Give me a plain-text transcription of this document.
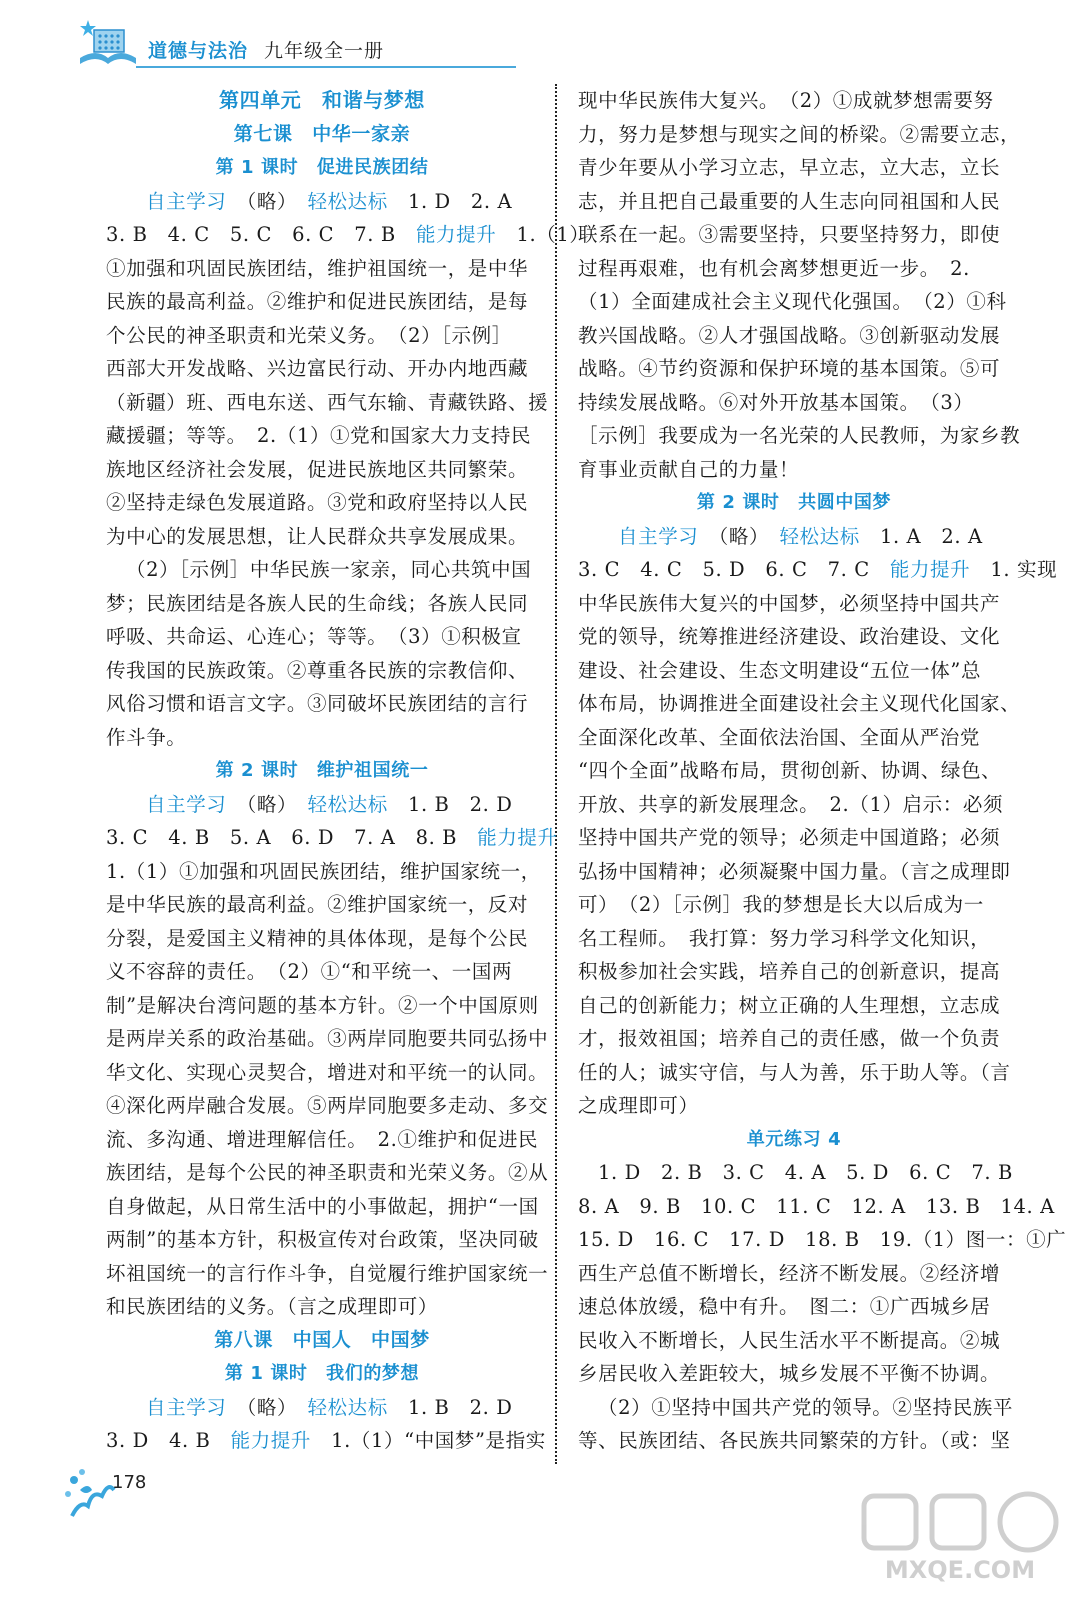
道德与法治 九年级全一册
第四单元　和谐与梦想
第七课　中华一家亲
第 1 课时　促进民族团结
自主学习　 （略）　 轻松达标　 1. D　2. A
3. B　4. C　5. C　6. C　7. B　 能力提升　 1.（1）
①加强和巩固民族团结，维护祖国统一，是中华
民族的最高利益。②维护和促进民族团结，是每
个公民的神圣职责和光荣义务。　（2）［示例］
西部大开发战略、兴边富民行动、开办内地西藏
（新疆）班、西电东送、西气东输、青藏铁路、援
藏援疆；等等。　2.（1）①党和国家大力支持民
族地区经济社会发展，促进民族地区共同繁荣。
②坚持走绿色发展道路。③党和政府坚持以人民
为中心的发展思想，让人民群众共享发展成果。
（2）［示例］中华民族一家亲，同心共筑中国
梦；民族团结是各族人民的生命线；各族人民同
呼吸、共命运、心连心；等等。　（3）①积极宣
传我国的民族政策。②尊重各民族的宗教信仰、
风俗习惯和语言文字。③同破坏民族团结的言行
作斗争。
第 2 课时　维护祖国统一
自主学习　 （略）　 轻松达标　 1. B　2. D
3. C　4. B　5. A　6. D　7. A　8. B　 能力提升
1.（1）①加强和巩固民族团结，维护国家统一，
是中华民族的最高利益。②维护国家统一，反对
分裂，是爱国主义精神的具体体现，是每个公民
义不容辞的责任。　（2）①“和平统一、一国两
制”是解决台湾问题的基本方针。②一个中国原则
是两岸关系的政治基础。③两岸同胞要共同弘扬中
华文化、实现心灵契合，增进对和平统一的认同。
④深化两岸融合发展。⑤两岸同胞要多走动、多交
流、多沟通、增进理解信任。　2.①维护和促进民
族团结，是每个公民的神圣职责和光荣义务。②从
自身做起，从日常生活中的小事做起，拥护“一国
两制”的基本方针，积极宣传对台政策，坚决同破
坏祖国统一的言行作斗争，自觉履行维护国家统一
和民族团结的义务。（言之成理即可）
第八课　中国人　中国梦
第 1 课时　我们的梦想
自主学习　 （略）　 轻松达标　 1. B　2. D
3. D　4. B　 能力提升　 1.（1）“中国梦”是指实
现中华民族伟大复兴。　（2）①成就梦想需要努
力，努力是梦想与现实之间的桥梁。②需要立志，
青少年要从小学习立志，早立志，立大志，立长
志，并且把自己最重要的人生志向同祖国和人民
联系在一起。③需要坚持，只要坚持努力，即使
过程再艰难，也有机会离梦想更近一步。　2.
（1）全面建成社会主义现代化强国。　（2）①科
教兴国战略。②人才强国战略。③创新驱动发展
战略。④节约资源和保护环境的基本国策。⑤可
持续发展战略。⑥对外开放基本国策。　（3）
［示例］我要成为一名光荣的人民教师，为家乡教
育事业贡献自己的力量！
第 2 课时　共圆中国梦
自主学习　 （略）　 轻松达标　 1. A　2. A
3. C　4. C　5. D　6. C　7. C　 能力提升　 1. 实现
中华民族伟大复兴的中国梦，必须坚持中国共产
党的领导，统筹推进经济建设、政治建设、文化
建设、社会建设、生态文明建设“五位一体”总
体布局，协调推进全面建设社会主义现代化国家、
全面深化改革、全面依法治国、全面从严治党
“四个全面”战略布局，贯彻创新、协调、绿色、
开放、共享的新发展理念。　2.（1）启示：必须
坚持中国共产党的领导；必须走中国道路；必须
弘扬中国精神；必须凝聚中国力量。（言之成理即
可）　（2）［示例］我的梦想是长大以后成为一
名工程师。　我打算：努力学习科学文化知识，
积极参加社会实践，培养自己的创新意识，提高
自己的创新能力；树立正确的人生理想，立志成
才，报效祖国；培养自己的责任感，做一个负责
任的人；诚实守信，与人为善，乐于助人等。（言
之成理即可）
单元练习 4
1. D　2. B　3. C　4. A　5. D　6. C　7. B
8. A　9. B　10. C　11. C　12. A　13. B　14. A
15. D　16. C　17. D　18. B　19.（1）图一：①广
西生产总值不断增长，经济不断发展。②经济增
速总体放缓，稳中有升。　图二：①广西城乡居
民收入不断增长，人民生活水平不断提高。②城
乡居民收入差距较大，城乡发展不平衡不协调。
（2）①坚持中国共产党的领导。②坚持民族平
等、民族团结、各民族共同繁荣的方针。（或：坚
178
MXQE.COM
